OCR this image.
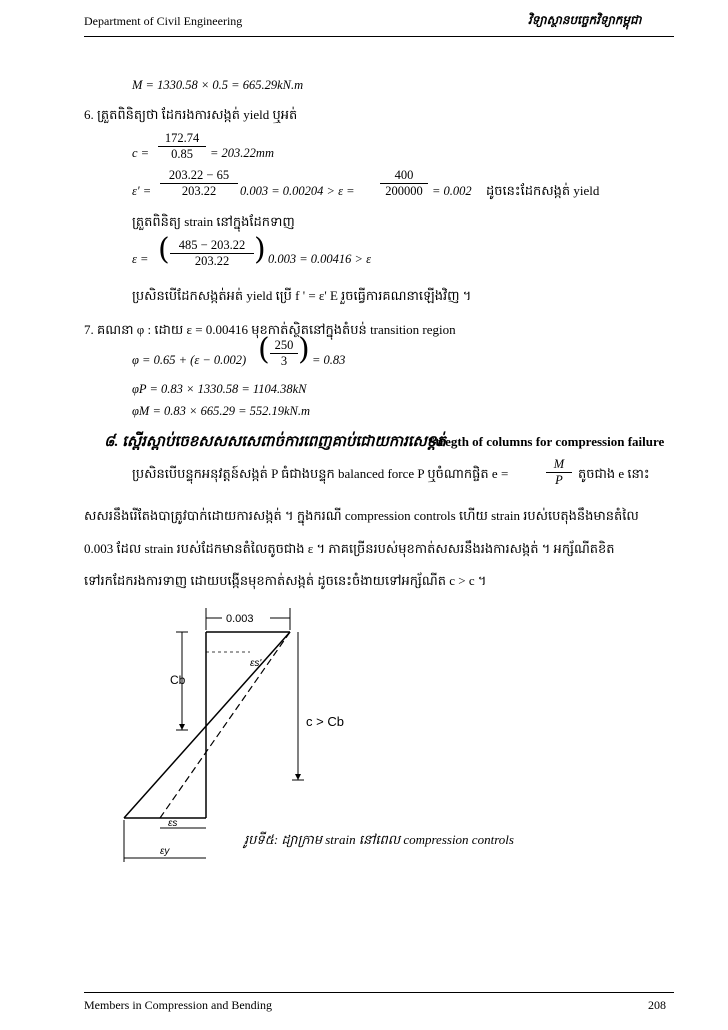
Department of Civil Engineering	វិទ្យាស្ថានបច្ចេកវិទ្យាកម្ពុជា
M = 1330.58 × 0.5 = 665.29kN.m
6. ត្រួតពិនិត្យថា ដែករងការសង្កត់ yield ឬអត់
$c = \frac{172.74}{0.85} = 203.22mm$
$\varepsilon' = \frac{203.22 - 65}{203.22} 0.003 = 0.00204 > \varepsilon = \frac{400}{200000} = 0.002$ ដូចនេះដែកសង្កត់ yield
ត្រួតពិនិត្យ strain នៅក្នុងដែកទាញ
ε = ( $\frac{485 - 203.22}{203.22}$ ) 0.003 = 0.00416 > ε
ប្រសិនបើដែកសង្កត់អត់ yield ប្រើ f ' = ε' E រួចធ្វើការគណនាឡើងវិញ ។
7. គណនា φ : ដោយ ε = 0.00416 មុខកាត់ស្ថិតនៅក្នុងតំបន់ transition region
φ = 0.65 + (ε − 0.002) ( $\frac{250}{3}$ ) = 0.83
φP = 0.83 × 1330.58 = 1104.38kN
φM = 0.83 × 665.29 = 552.19kN.m
៨. ស្ពើរស្ពាប់ចេខសសសសេពាច់ការពេញគាប់ជោយការសេខ្តត់
Stregth of columns for compression failure
ប្រសិនបើបន្ទុកអនុវត្តន៍សង្កត់ P ធំជាងបន្ទុក balanced force P ឬចំណាកផ្ចិត e =	$\frac{M}{P}$ តូចជាង e នោះ
សសរនឹងរើតែងបាត្រូវបាក់ដោយការសង្កត់ ។ ក្នុងករណី compression controls ហើយ strain របស់បេតុងនឹងមានតំលៃ
0.003 ដែល strain របស់ដែកមានតំលៃតូចជាង ε ។ ភាគច្រើនរបស់មុខកាត់សសរនឹងរងការសង្កត់ ។ អក្ស័ណីតខិត
ទៅរកដែករងការទាញ ដោយបង្កើនមុខកាត់សង្កត់ ដូចនេះចំងាយទៅអក្ស័ណីត c > c ។
0.003
εs'
Cb
c > Cb
εs
εy
រូបទី៥: ដ្យាក្រាម strain នៅពេល compression controls
Members in Compression and Bending	208
